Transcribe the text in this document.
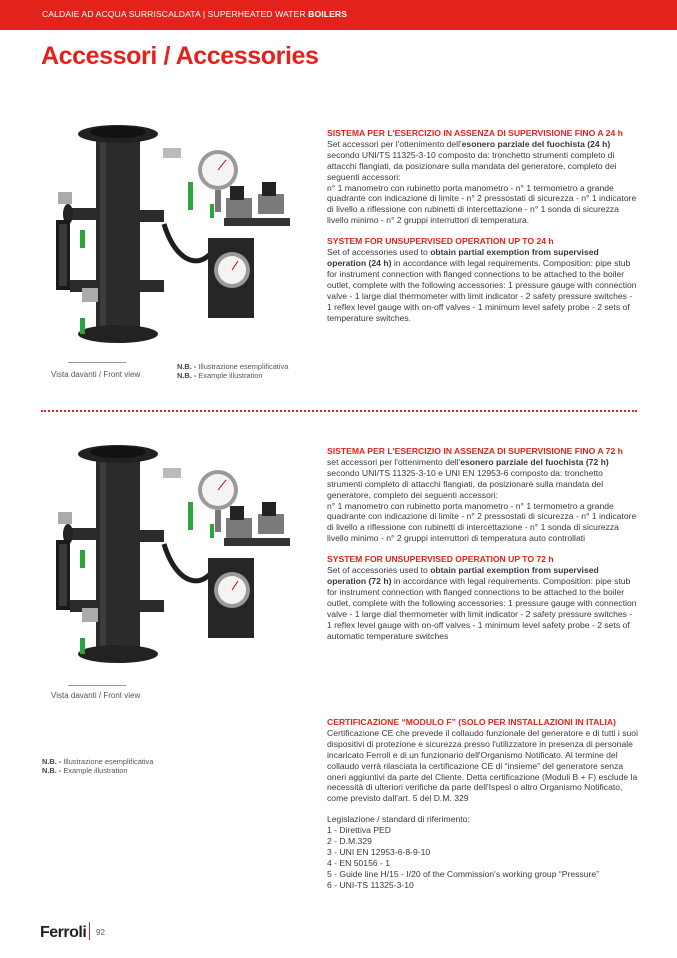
CALDAIE AD ACQUA SURRISCALDATA | SUPERHEATED WATER BOILERS
Accessori / Accessories
Vista davanti / Front view
N.B. - Illustrazione esemplificativa
N.B. - Example illustration
SISTEMA PER L'ESERCIZIO IN ASSENZA DI SUPERVISIONE FINO A 24 h
Set accessori per l'ottenimento dell'esonero parziale del fuochista (24 h) secondo UNI/TS 11325-3-10 composto da: tronchetto strumenti completo di attacchi flangiati, da posizionare sulla mandata del generatore, completo dei seguenti accessori:
n° 1 manometro con rubinetto porta manometro - n° 1 termometro a grande quadrante con indicazione di limite - n° 2 pressostati di sicurezza - n° 1 indicatore di livello a riflessione con rubinetti di intercettazione - n° 1 sonda di sicurezza livello minimo - n° 2 gruppi interruttori di temperatura.
SYSTEM FOR UNSUPERVISED OPERATION UP TO 24 h
Set of accessories used to obtain partial exemption from supervised operation (24 h) in accordance with legal requirements. Composition: pipe stub for instrument connection with flanged connections to be attached to the boiler outlet, complete with the following accessories: 1 pressure gauge with connection valve - 1 large dial thermometer with limit indicator - 2 safety pressure switches - 1 reflex level gauge with on-off valves - 1 minimum level safety probe - 2 sets of temperature switches.
Vista davanti / Front view
N.B. - Illustrazione esemplificativa
N.B. - Example illustration
SISTEMA PER L'ESERCIZIO IN ASSENZA DI SUPERVISIONE FINO A 72 h
set accessori per l'ottenimento dell'esonero parziale del fuochista (72 h) secondo UNI/TS 11325-3-10 e UNI EN 12953-6 composto da: tronchetto strumenti completo di attacchi flangiati, da posizionare sulla mandata del generatore, completo dei seguenti accessori:
n° 1 manometro con rubinetto porta manometro - n° 1 termometro a grande quadrante con indicazione di limite - n° 2 pressostati di sicurezza - n° 1 indicatore di livello a riflessione con rubinetti di intercettazione - n° 1 sonda di sicurezza livello minimo - n° 2 gruppi interruttori di temperatura auto controllati
SYSTEM FOR UNSUPERVISED OPERATION UP TO 72 h
Set of accessories used to obtain partial exemption from supervised operation (72 h) in accordance with legal requirements. Composition: pipe stub for instrument connection with flanged connections to be attached to the boiler outlet, complete with the following accessories: 1 pressure gauge with connection valve - 1 large dial thermometer with limit indicator - 2 safety pressure switches - 1 reflex level gauge with on-off valves - 1 minimum level safety probe - 2 sets of automatic temperature switches
CERTIFICAZIONE “MODULO F” (SOLO PER INSTALLAZIONI IN ITALIA)
Certificazione CE che prevede il collaudo funzionale del generatore e di tutti i suoi dispositivi di protezione e sicurezza presso l'utilizzatore in presenza di personale incaricato Ferroli e di un funzionario dell'Organismo Notificato. Al termine del collaudo verrà rilasciata la certificazione CE di “insieme” del generatore senza oneri aggiuntivi da parte del Cliente. Detta certificazione (Moduli B + F) esclude la necessità di ulteriori verifiche da parte dell'Ispesl o altro Organismo Notificato, come previsto dall'art. 5 del D.M. 329
Legislazione / standard di riferimento:
1 - Direttiva PED
2 - D.M.329
3 - UNI EN 12953-6-8-9-10
4 - EN 50156 - 1
5 - Guide line H/15 - I/20 of the Commission's working group “Pressure”
6 - UNI-TS 11325-3-10
Ferroli 92
